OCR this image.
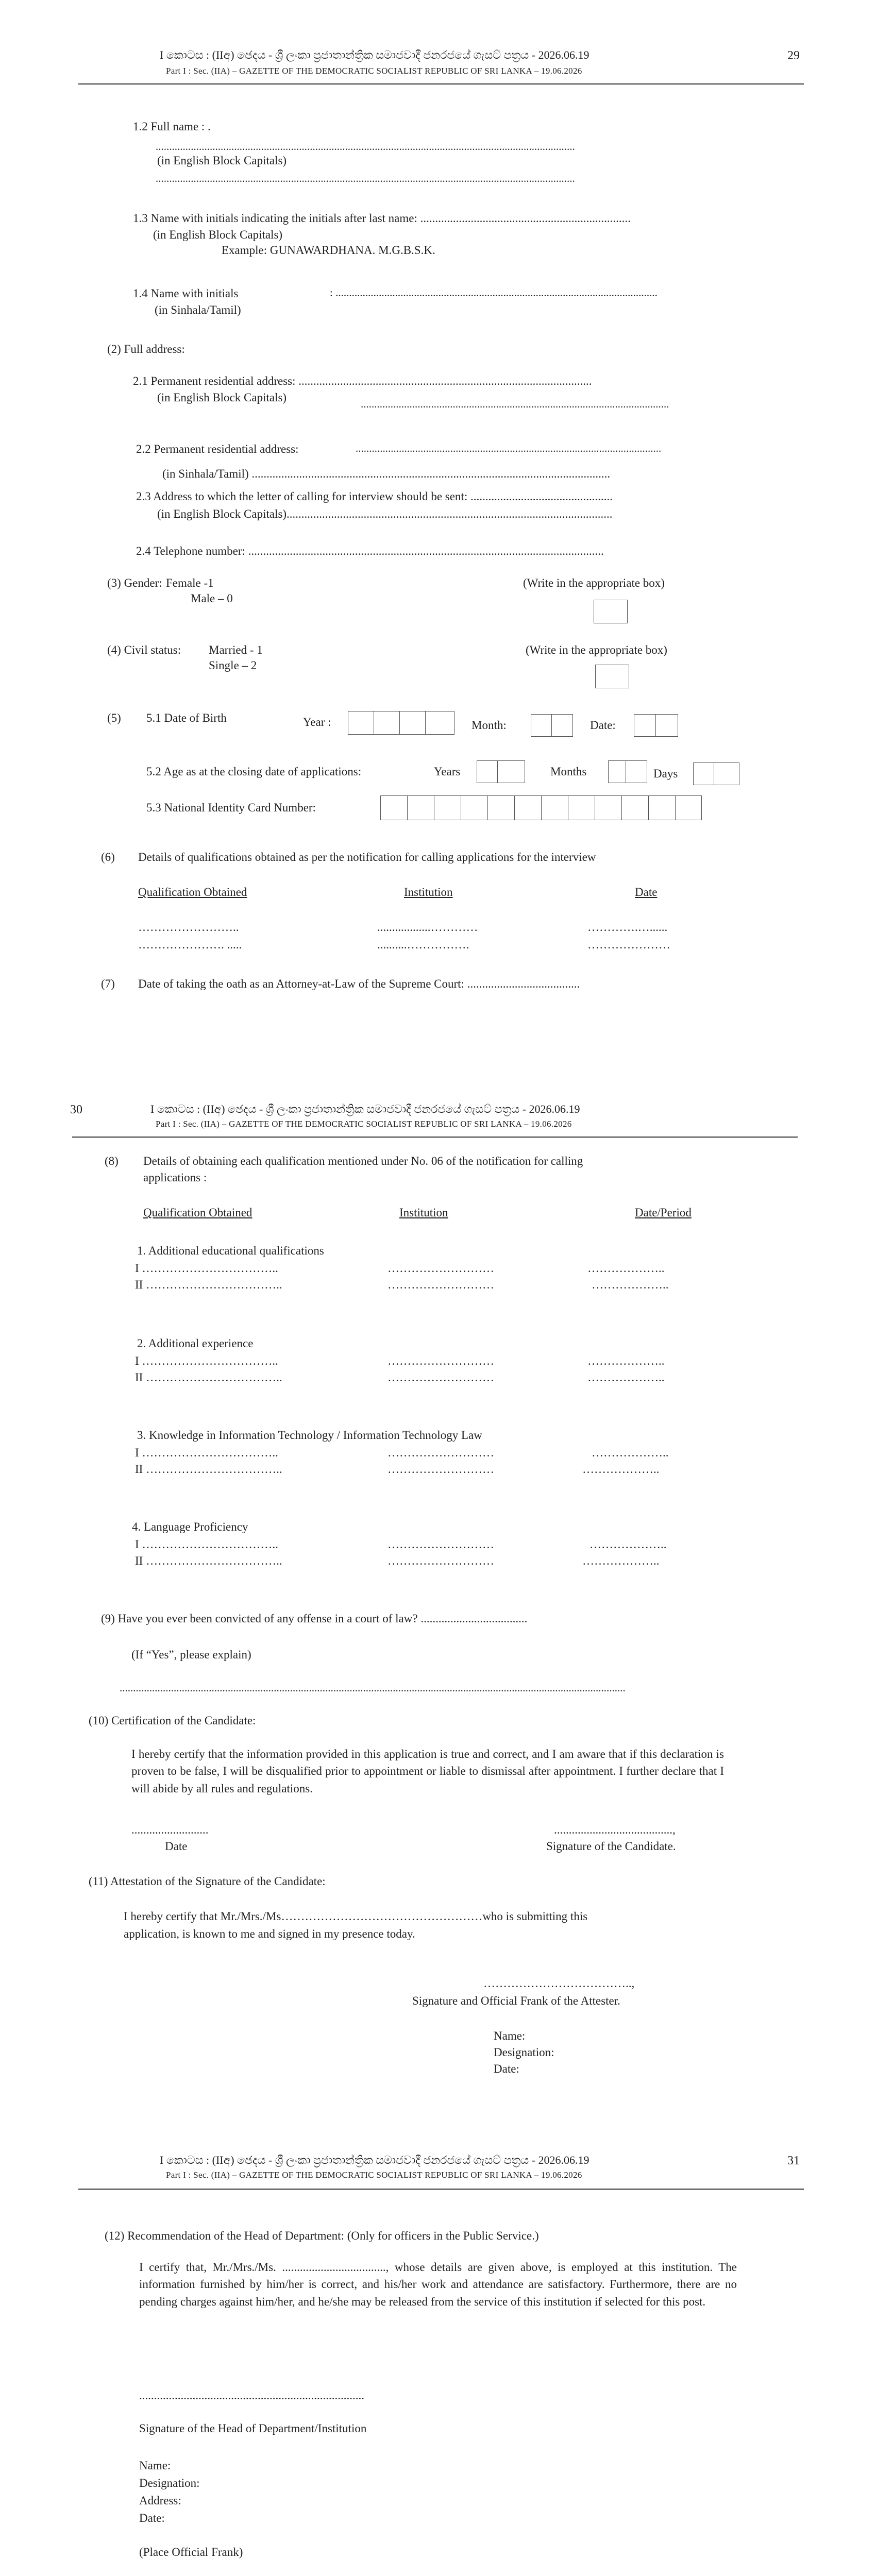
I කොටස : (IIඅ) ඡෙදය - ශ්‍රී ලංකා ප්‍රජාතාන්ත්‍රික සමාජවාදී ජනරජයේ ගැසට් පත්‍රය - 2026.06.19	29
Part I : Sec. (IIA) – GAZETTE OF THE DEMOCRATIC SOCIALIST REPUBLIC OF SRI LANKA – 19.06.2026
1.2 Full name : .
...........................................................................................................................................................
(in English Block Capitals)
...........................................................................................................................................................
1.3 Name with initials indicating the initials after last name: .......................................................................
(in English Block Capitals)
Example: GUNAWARDHANA. M.G.B.S.K.
1.4 Name with initials	: .......................................................................................................................
(in Sinhala/Tamil)
(2) Full address:
2.1 Permanent residential address: ...................................................................................................
(in English Block Capitals)	..................................................................................................................
2.2 Permanent residential address:	.................................................................................................................
(in Sinhala/Tamil) .........................................................................................................................
2.3 Address to which the letter of calling for interview should be sent: ................................................
(in English Block Capitals)..............................................................................................................
2.4 Telephone number: ........................................................................................................................
(3) Gender: Female -1
Male – 0
(Write in the appropriate box)
(4) Civil status: Married - 1
Single – 2
(Write in the appropriate box)
(5) 5.1 Date of Birth	Year :	Month:	Date:
5.2 Age as at the closing date of applications:	Years	Months	Days
5.3 National Identity Card Number:
(6) Details of qualifications obtained as per the notification for calling applications for the interview
Qualification Obtained	Institution	Date
……………………..	..................…………	………….…......
…………………. .....	..........…………….	…………………
(7) Date of taking the oath as an Attorney-at-Law of the Supreme Court: ......................................
30	I කොටස : (IIඅ) ඡෙදය - ශ්‍රී ලංකා ප්‍රජාතාන්ත්‍රික සමාජවාදී ජනරජයේ ගැසට් පත්‍රය - 2026.06.19
Part I : Sec. (IIA) – GAZETTE OF THE DEMOCRATIC SOCIALIST REPUBLIC OF SRI LANKA – 19.06.2026
(8) Details of obtaining each qualification mentioned under No. 06 of the notification for calling
applications :
Qualification Obtained	Institution	Date/Period
1. Additional educational qualifications
I ……………………………..	………………………	………………..
II ……………………………..	………………………	………………..
2. Additional experience
I ……………………………..	………………………	………………..
II ……………………………..	………………………	………………..
3. Knowledge in Information Technology / Information Technology Law
I ……………………………..	………………………	………………..
II ……………………………..	………………………	………………..
4. Language Proficiency
I ……………………………..	………………………	………………..
II ……………………………..	………………………	………………..
(9) Have you ever been convicted of any offense in a court of law? ....................................
(If “Yes”, please explain)
...........................................................................................................................................................................................
(10) Certification of the Candidate:
I hereby certify that the information provided in this application is true and correct, and I am aware that if this declaration is proven to be false, I will be disqualified prior to appointment or liable to dismissal after appointment. I further declare that I will abide by all rules and regulations.
..........................
Date
........................................,
Signature of the Candidate.
(11) Attestation of the Signature of the Candidate:
I hereby certify that Mr./Mrs./Ms……………………………………………who is submitting this
application, is known to me and signed in my presence today.
………………………………..,
Signature and Official Frank of the Attester.
Name:
Designation:
Date:
I කොටස : (IIඅ) ඡෙදය - ශ්‍රී ලංකා ප්‍රජාතාන්ත්‍රික සමාජවාදී ජනරජයේ ගැසට් පත්‍රය - 2026.06.19	31
Part I : Sec. (IIA) – GAZETTE OF THE DEMOCRATIC SOCIALIST REPUBLIC OF SRI LANKA – 19.06.2026
(12) Recommendation of the Head of Department: (Only for officers in the Public Service.)
I certify that, Mr./Mrs./Ms. ..................................., whose details are given above, is employed at this institution. The information furnished by him/her is correct, and his/her work and attendance are satisfactory. Furthermore, there are no pending charges against him/her, and he/she may be released from the service of this institution if selected for this post.
............................................................................
Signature of the Head of Department/Institution
Name:
Designation:
Address:
Date:
(Place Official Frank)
